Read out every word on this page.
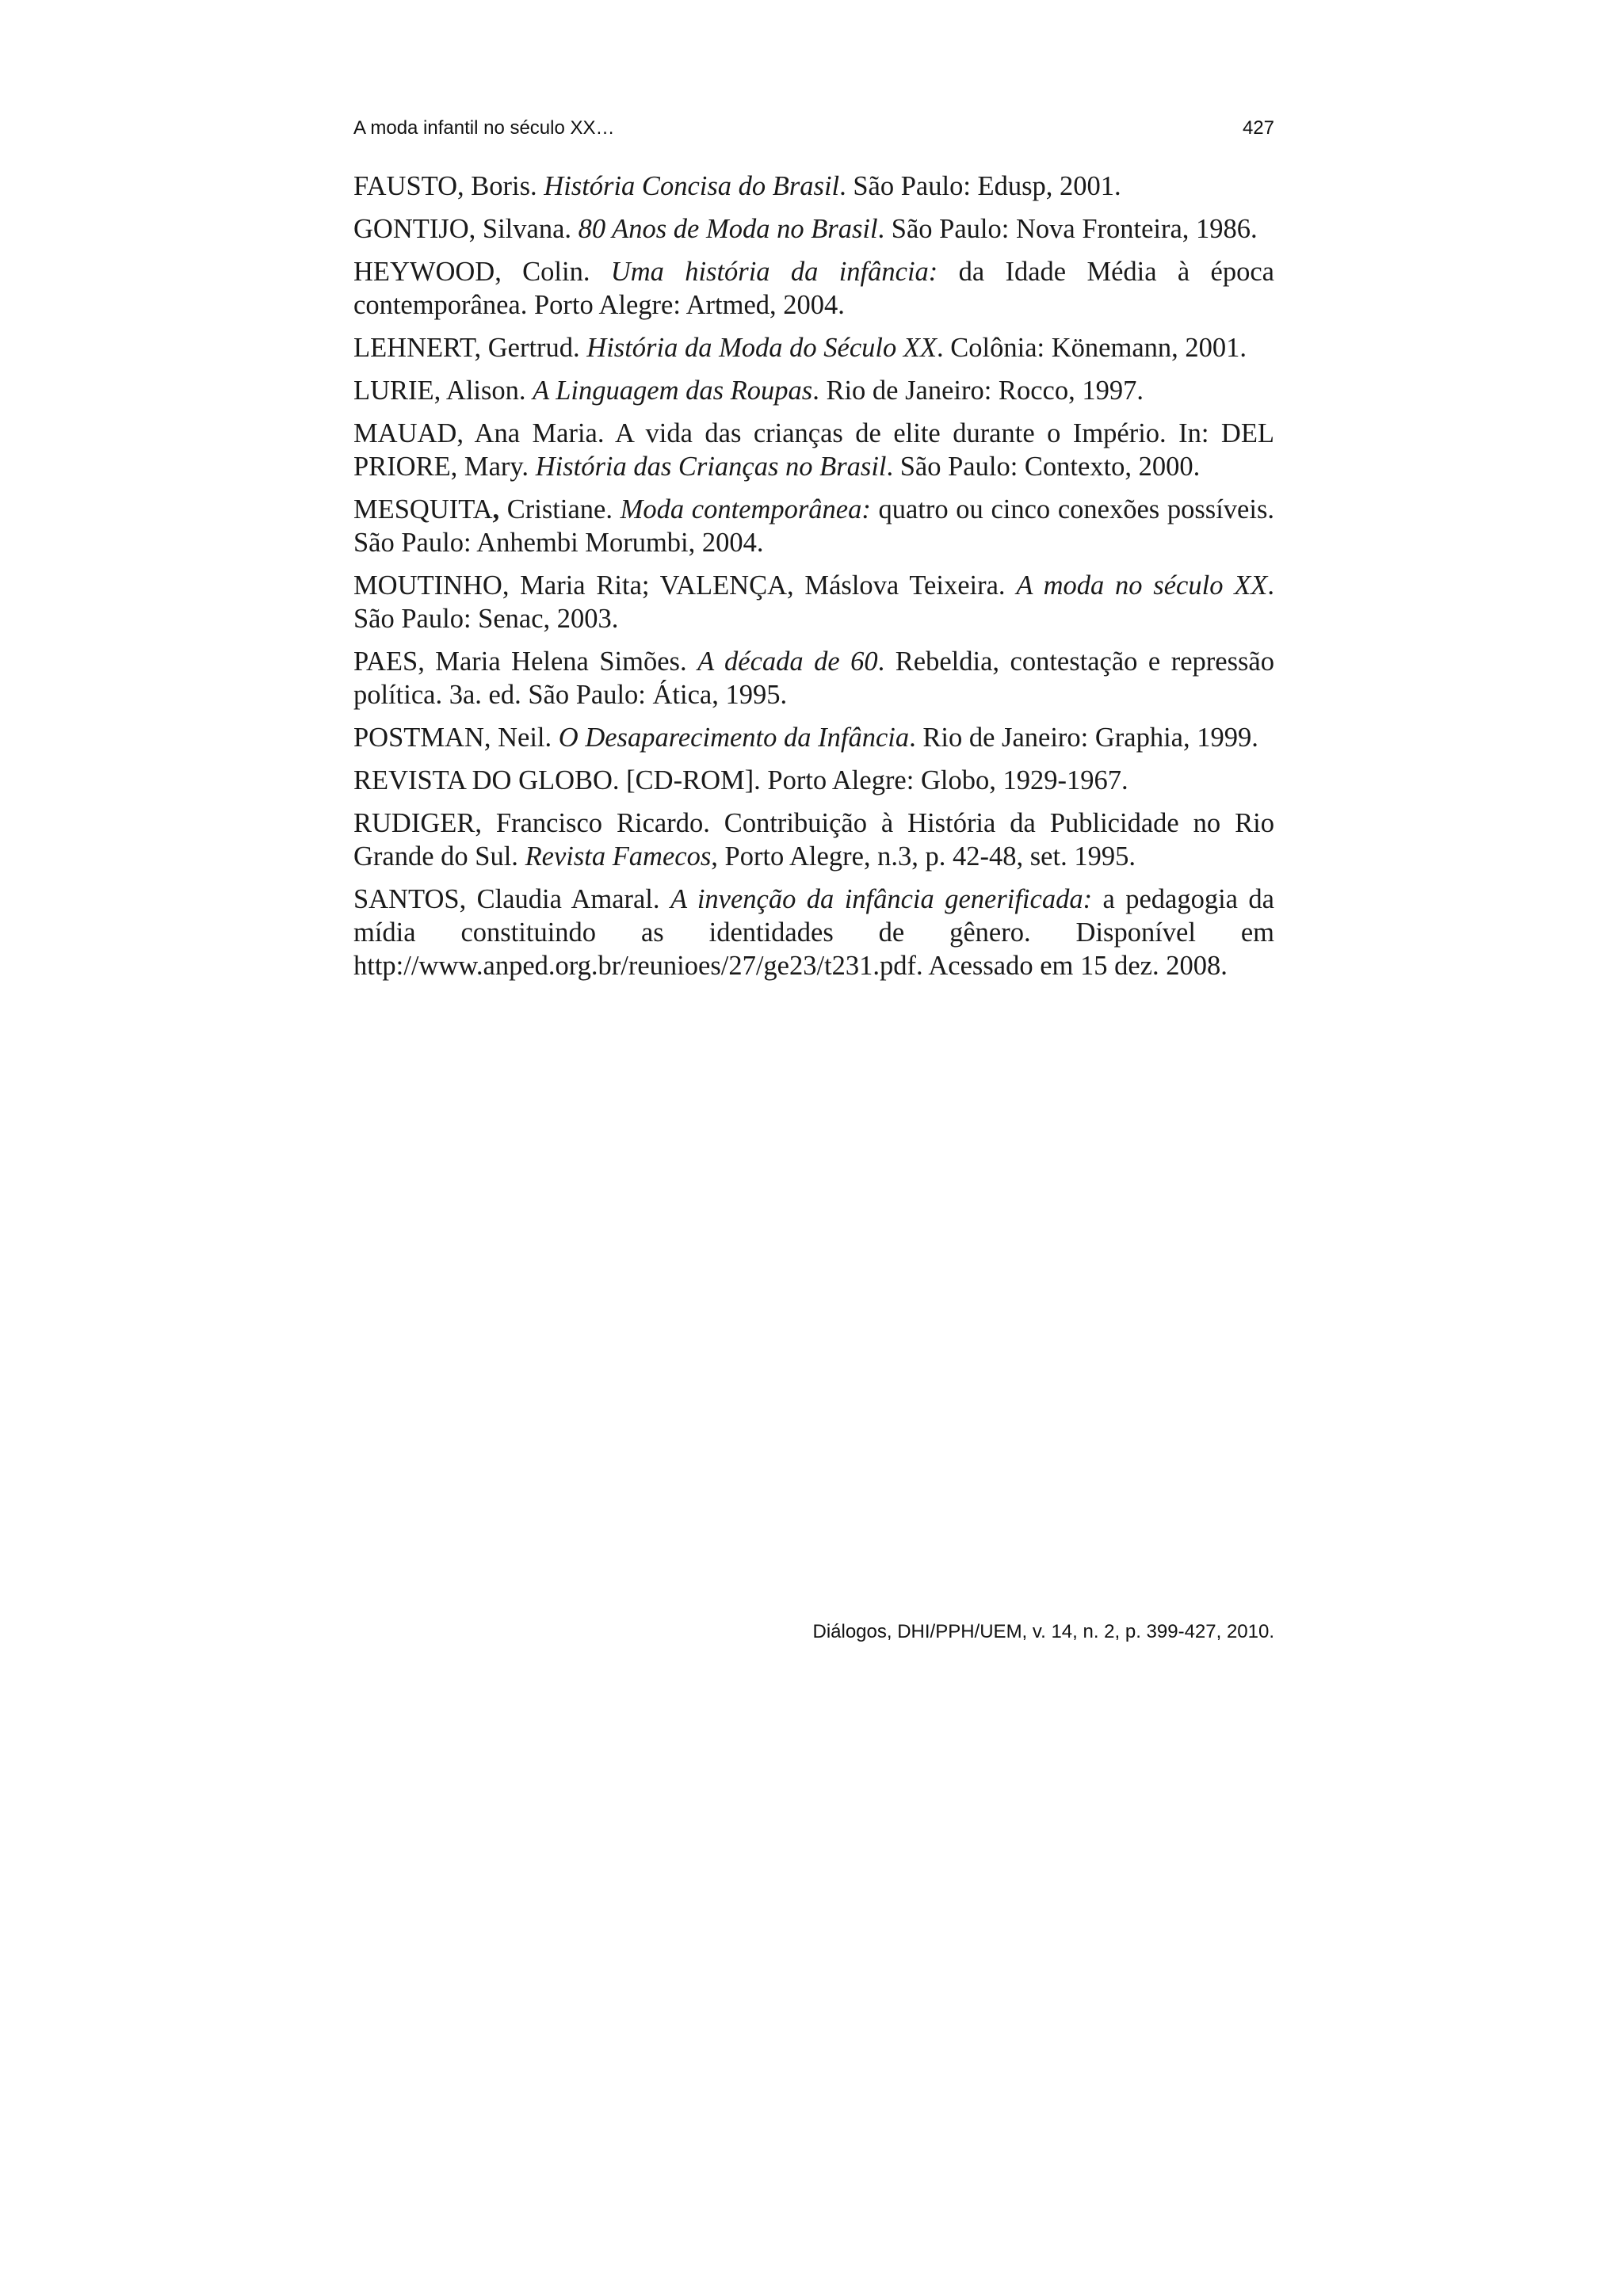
A moda infantil no século XX…	427

FAUSTO, Boris. História Concisa do Brasil. São Paulo: Edusp, 2001.

GONTIJO, Silvana. 80 Anos de Moda no Brasil. São Paulo: Nova Fronteira, 1986.

HEYWOOD, Colin. Uma história da infância: da Idade Média à época contemporânea. Porto Alegre: Artmed, 2004.

LEHNERT, Gertrud. História da Moda do Século XX. Colônia: Könemann, 2001.

LURIE, Alison. A Linguagem das Roupas. Rio de Janeiro: Rocco, 1997.

MAUAD, Ana Maria. A vida das crianças de elite durante o Império. In: DEL PRIORE, Mary. História das Crianças no Brasil. São Paulo: Contexto, 2000.

MESQUITA, Cristiane. Moda contemporânea: quatro ou cinco conexões possíveis. São Paulo: Anhembi Morumbi, 2004.

MOUTINHO, Maria Rita; VALENÇA, Máslova Teixeira. A moda no século XX. São Paulo: Senac, 2003.

PAES, Maria Helena Simões. A década de 60. Rebeldia, contestação e repressão política. 3a. ed. São Paulo: Ática, 1995.

POSTMAN, Neil. O Desaparecimento da Infância. Rio de Janeiro: Graphia, 1999.

REVISTA DO GLOBO. [CD-ROM]. Porto Alegre: Globo, 1929-1967.

RUDIGER, Francisco Ricardo. Contribuição à História da Publicidade no Rio Grande do Sul. Revista Famecos, Porto Alegre, n.3, p. 42-48, set. 1995.

SANTOS, Claudia Amaral. A invenção da infância generificada: a pedagogia da mídia constituindo as identidades de gênero. Disponível em http://www.anped.org.br/reunioes/27/ge23/t231.pdf. Acessado em 15 dez. 2008.

Diálogos, DHI/PPH/UEM, v. 14, n. 2, p. 399-427, 2010.
